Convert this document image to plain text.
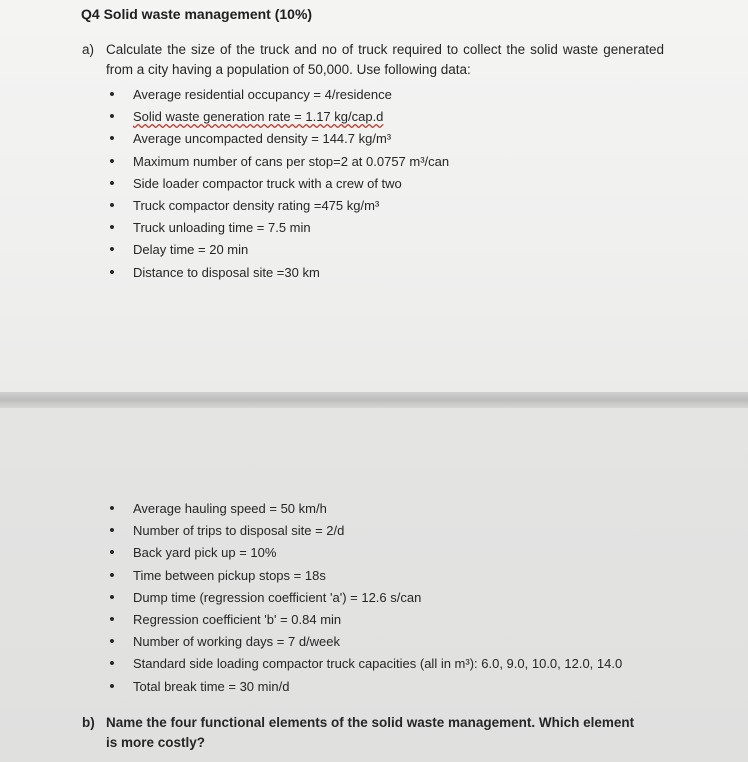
Q4 Solid waste management (10%)
a) Calculate the size of the truck and no of truck required to collect the solid waste generated from a city having a population of 50,000. Use following data:
• Average residential occupancy = 4/residence
• Solid waste generation rate = 1.17 kg/cap.d
• Average uncompacted density = 144.7 kg/m³
• Maximum number of cans per stop=2 at 0.0757 m³/can
• Side loader compactor truck with a crew of two
• Truck compactor density rating =475 kg/m³
• Truck unloading time = 7.5 min
• Delay time = 20 min
• Distance to disposal site =30 km
• Average hauling speed = 50 km/h
• Number of trips to disposal site = 2/d
• Back yard pick up = 10%
• Time between pickup stops = 18s
• Dump time (regression coefficient 'a') = 12.6 s/can
• Regression coefficient 'b' = 0.84 min
• Number of working days = 7 d/week
• Standard side loading compactor truck capacities (all in m³): 6.0, 9.0, 10.0, 12.0, 14.0
• Total break time = 30 min/d
b) Name the four functional elements of the solid waste management. Which element is more costly?
